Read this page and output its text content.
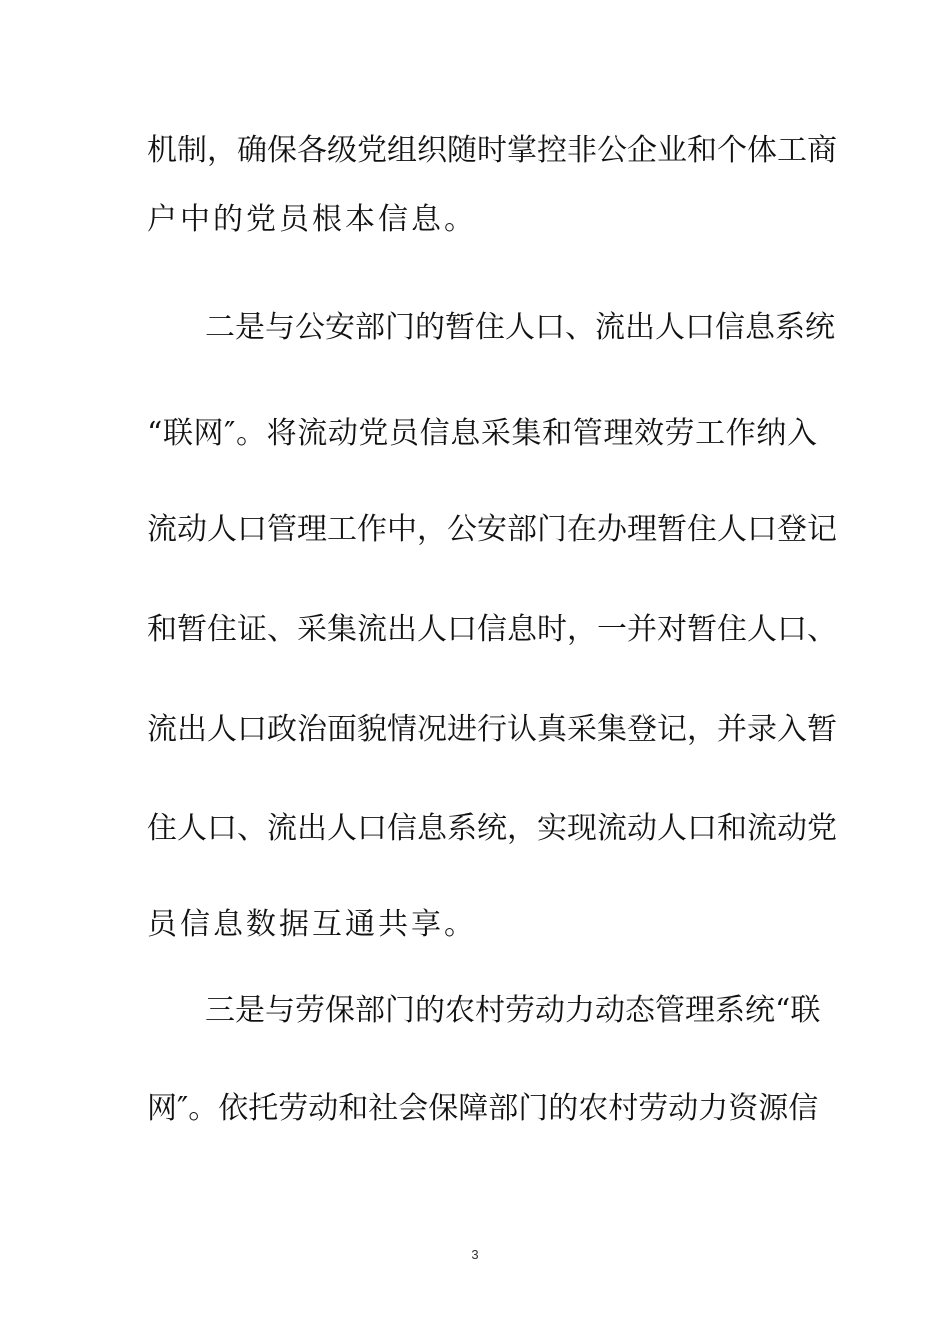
机制，确保各级党组织随时掌控非公企业和个体工商
户中的党员根本信息。
二是与公安部门的暂住人口、流出人口信息系统
“联网″。将流动党员信息采集和管理效劳工作纳入
流动人口管理工作中，公安部门在办理暂住人口登记
和暂住证、采集流出人口信息时，一并对暂住人口、
流出人口政治面貌情况进行认真采集登记，并录入暂
住人口、流出人口信息系统，实现流动人口和流动党
员信息数据互通共享。
三是与劳保部门的农村劳动力动态管理系统“联
网″。依托劳动和社会保障部门的农村劳动力资源信
3
